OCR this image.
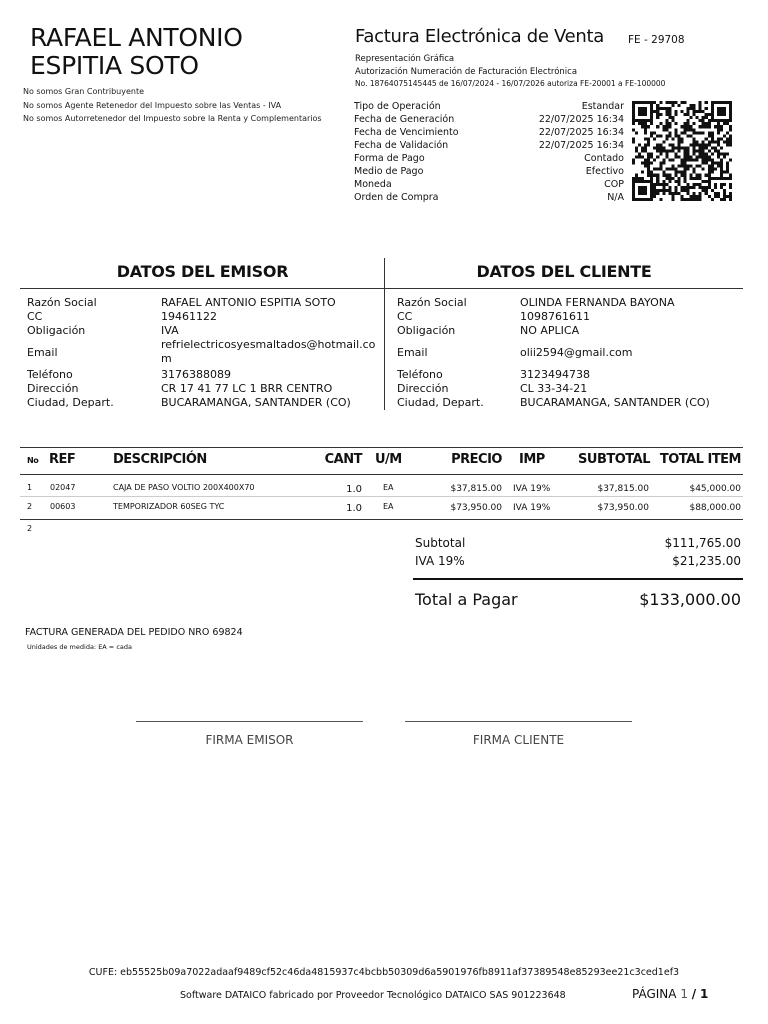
RAFAEL ANTONIO
ESPITIA SOTO
No somos Gran Contribuyente
No somos Agente Retenedor del Impuesto sobre las Ventas - IVA
No somos Autorretenedor del Impuesto sobre la Renta y Complementarios
Factura Electrónica de Venta FE - 29708
Representación Gráfica
Autorización Numeración de Facturación Electrónica
No. 18764075145445 de 16/07/2024 - 16/07/2026 autoriza FE-20001 a FE-100000
Tipo de Operación	Estandar
Fecha de Generación	22/07/2025 16:34
Fecha de Vencimiento	22/07/2025 16:34
Fecha de Validación	22/07/2025 16:34
Forma de Pago	Contado
Medio de Pago	Efectivo
Moneda	COP
Orden de Compra	N/A
DATOS DEL EMISOR	DATOS DEL CLIENTE
Razón Social	RAFAEL ANTONIO ESPITIA SOTO
CC	19461122
Obligación	IVA
Email
refrielectricosyesmaltados@hotmail.co
m
Teléfono	3176388089
Dirección	CR 17 41 77 LC 1 BRR CENTRO
Ciudad, Depart.	BUCARAMANGA, SANTANDER (CO)
Razón Social	OLINDA FERNANDA BAYONA
CC	1098761611
Obligación	NO APLICA
Email	olii2594@gmail.com
Teléfono	3123494738
Dirección	CL 33-34-21
Ciudad, Depart.	BUCARAMANGA, SANTANDER (CO)
No REF	DESCRIPCIÓN	CANT U/M	PRECIO IMP	SUBTOTAL TOTAL ITEM
1 02047	CAJA DE PASO VOLTIO 200X400X70	1.0	EA	$37,815.00 IVA 19%	$37,815.00	$45,000.00
2 00603	TEMPORIZADOR 60SEG TYC	1.0	EA	$73,950.00 IVA 19%	$73,950.00	$88,000.00
2
Subtotal	$111,765.00
IVA 19%	$21,235.00
Total a Pagar	$133,000.00
FACTURA GENERADA DEL PEDIDO NRO 69824
Unidades de medida: EA = cada
FIRMA EMISOR	FIRMA CLIENTE
CUFE: eb55525b09a7022adaaf9489cf52c46da4815937c4bcbb50309d6a5901976fb8911af37389548e85293ee21c3ced1ef3
Software DATAICO fabricado por Proveedor Tecnológico DATAICO SAS 901223648	PÁGINA 1 / 1
